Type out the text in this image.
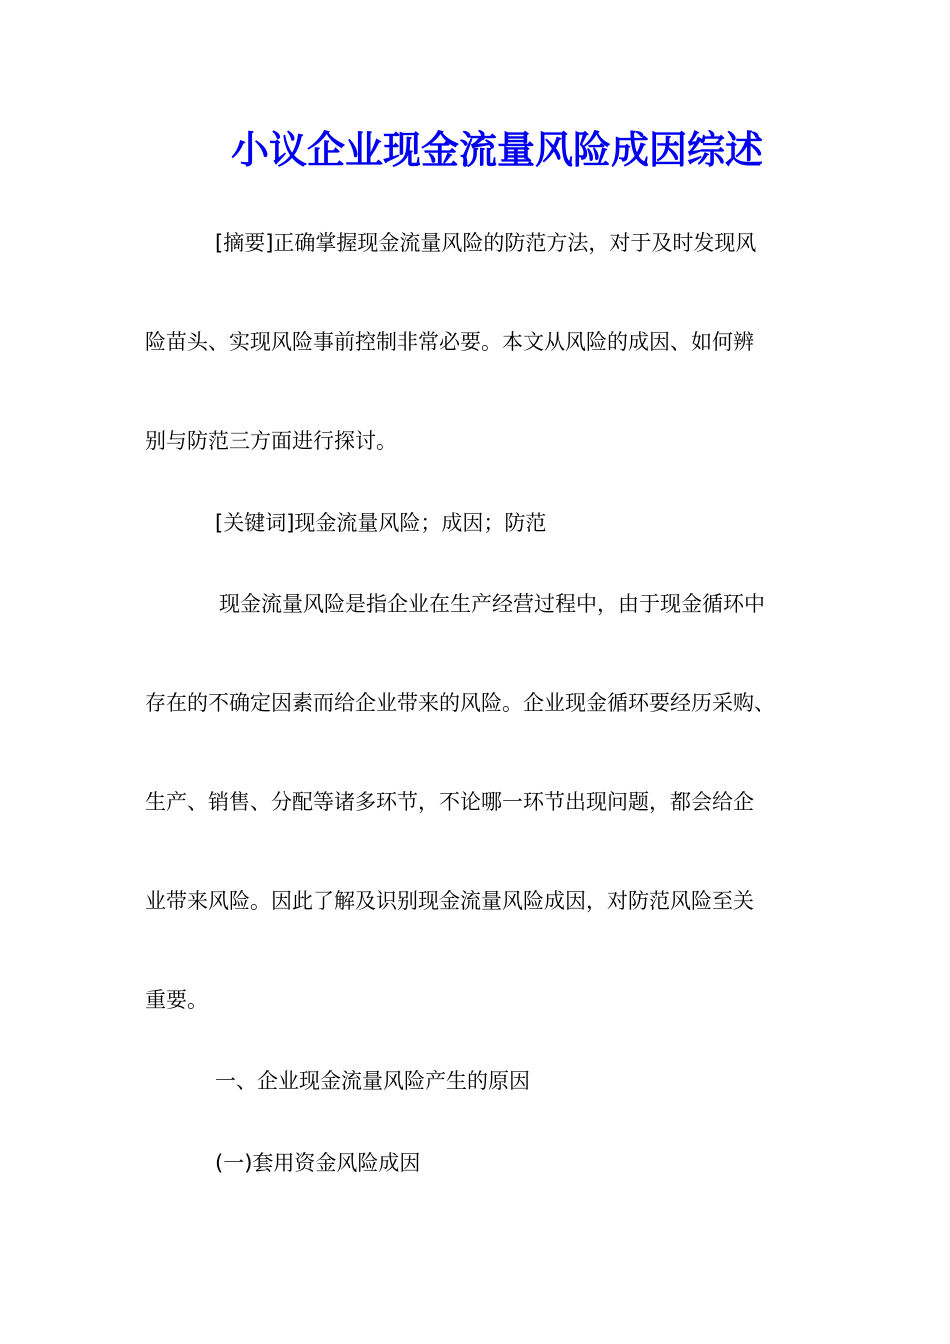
小议企业现金流量风险成因综述
[摘要]正确掌握现金流量风险的防范方法，对于及时发现风
险苗头、实现风险事前控制非常必要。本文从风险的成因、如何辨
别与防范三方面进行探讨。
[关键词]现金流量风险；成因；防范
现金流量风险是指企业在生产经营过程中，由于现金循环中
存在的不确定因素而给企业带来的风险。企业现金循环要经历采购、
生产、销售、分配等诸多环节，不论哪一环节出现问题，都会给企
业带来风险。因此了解及识别现金流量风险成因，对防范风险至关
重要。
一、企业现金流量风险产生的原因
(一)套用资金风险成因
